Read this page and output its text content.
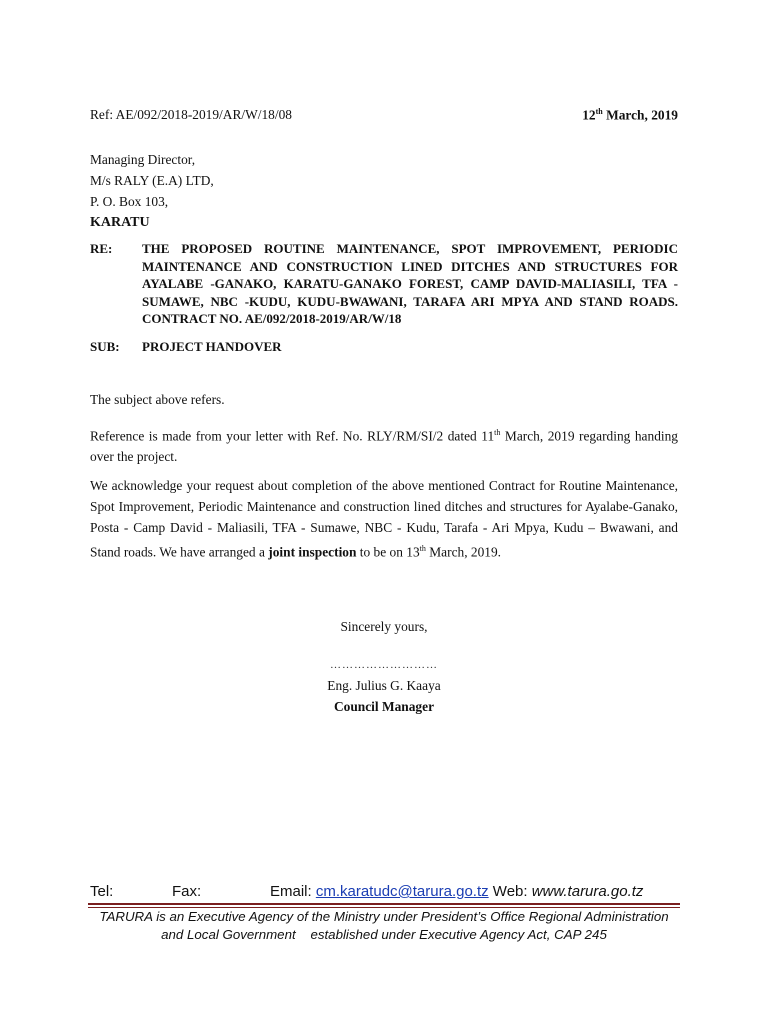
Ref: AE/092/2018-2019/AR/W/18/08	12th March, 2019
Managing Director,
M/s RALY (E.A) LTD,
P. O. Box 103,
KARATU
RE:	THE PROPOSED ROUTINE MAINTENANCE, SPOT IMPROVEMENT, PERIODIC MAINTENANCE AND CONSTRUCTION LINED DITCHES AND STRUCTURES FOR AYALABE -GANAKO, KARATU-GANAKO FOREST, CAMP DAVID-MALIASILI, TFA -SUMAWE, NBC -KUDU, KUDU-BWAWANI, TARAFA ARI MPYA AND STAND ROADS. CONTRACT NO. AE/092/2018-2019/AR/W/18
SUB:	PROJECT HANDOVER
The subject above refers.
Reference is made from your letter with Ref. No. RLY/RM/SI/2 dated 11th March, 2019 regarding handing over the project.
We acknowledge your request about completion of the above mentioned Contract for Routine Maintenance, Spot Improvement, Periodic Maintenance and construction lined ditches and structures for Ayalabe-Ganako, Posta - Camp David - Maliasili, TFA - Sumawe, NBC - Kudu, Tarafa - Ari Mpya, Kudu – Bwawani, and Stand roads. We have arranged a joint inspection to be on 13th March, 2019.
Sincerely yours,
………………………
Eng. Julius G. Kaaya
Council Manager
Tel:	Fax:	Email: cm.karatudc@tarura.go.tz Web: www.tarura.go.tz
TARURA is an Executive Agency of the Ministry under President’s Office Regional Administration
and Local Government    established under Executive Agency Act, CAP 245
